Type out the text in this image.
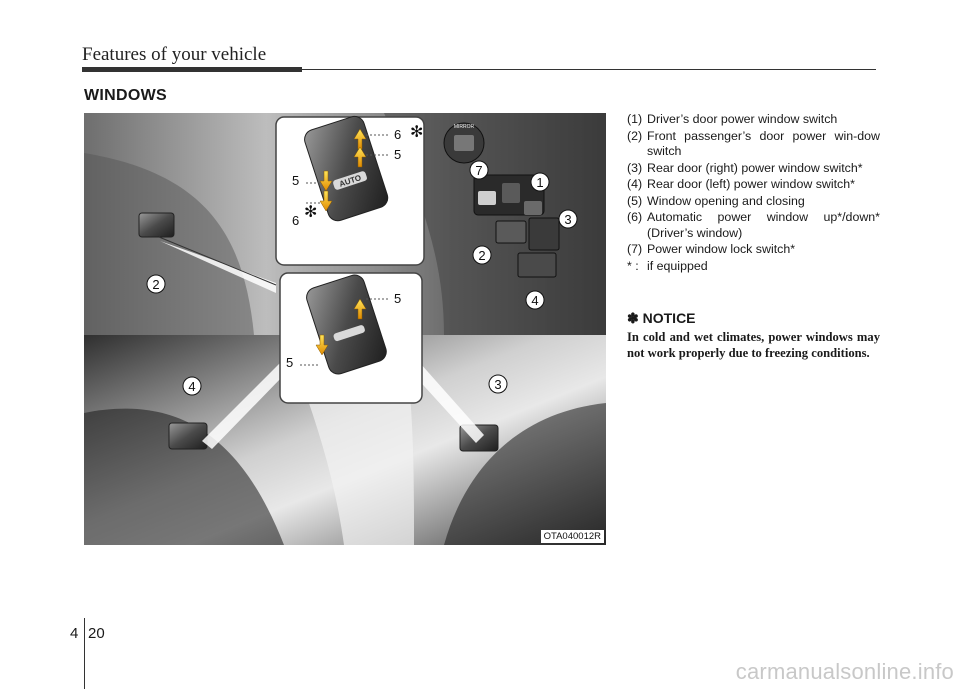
Features of your vehicle
WINDOWS
MIRROR
AUTO
6 ✻
5
5
6 ✻
5
5
1
7
3
2
4
2
4	3
OTA040012R
(1) Driver’s door power window switch
(2) Front passenger’s door power win-dow switch
(3) Rear door (right) power window switch*
(4) Rear door (left) power window switch*
(5) Window opening and closing
(6) Automatic power window up*/down* (Driver’s window)
(7) Power window lock switch*
* : if equipped
✽ NOTICE
In cold and wet climates, power windows may not work properly due to freezing conditions.
4 20
carmanualsonline.info
